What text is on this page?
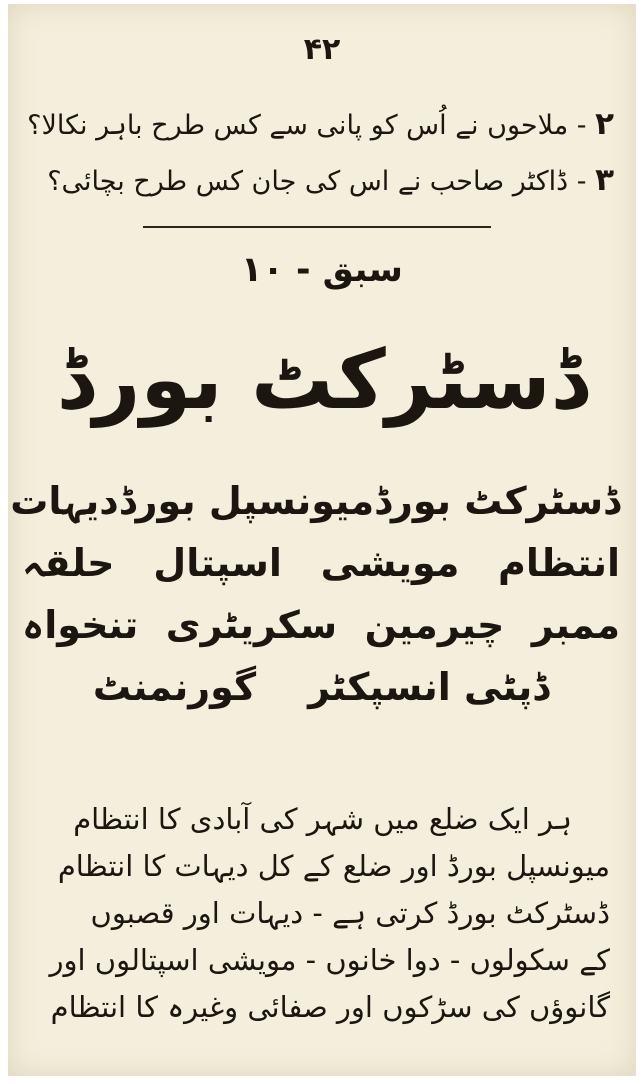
۴۲
۲ - ملاحوں نے اُس کو پانی سے کس طرح باہر نکالا؟
۳ - ڈاکٹر صاحب نے اس کی جان کس طرح بچائی؟
سبق - ۱۰
ڈسٹرکٹ بورڈ
ڈسٹرکٹ بورڈ
میونسپل بورڈ
دیہات
انتظام
مویشی
اسپتال
حلقہ
ممبر
چیرمین
سکریٹری
تنخواہ
ڈپٹی انسپکٹر
گورنمنٹ
ہر ایک ضلع میں شہر کی آبادی کا انتظام
میونسپل بورڈ اور ضلع کے کل دیہات کا انتظام
ڈسٹرکٹ بورڈ کرتی ہے - دیہات اور قصبوں
کے سکولوں - دوا خانوں - مویشی اسپتالوں اور
گانوؤں کی سڑکوں اور صفائی وغیرہ کا انتظام
